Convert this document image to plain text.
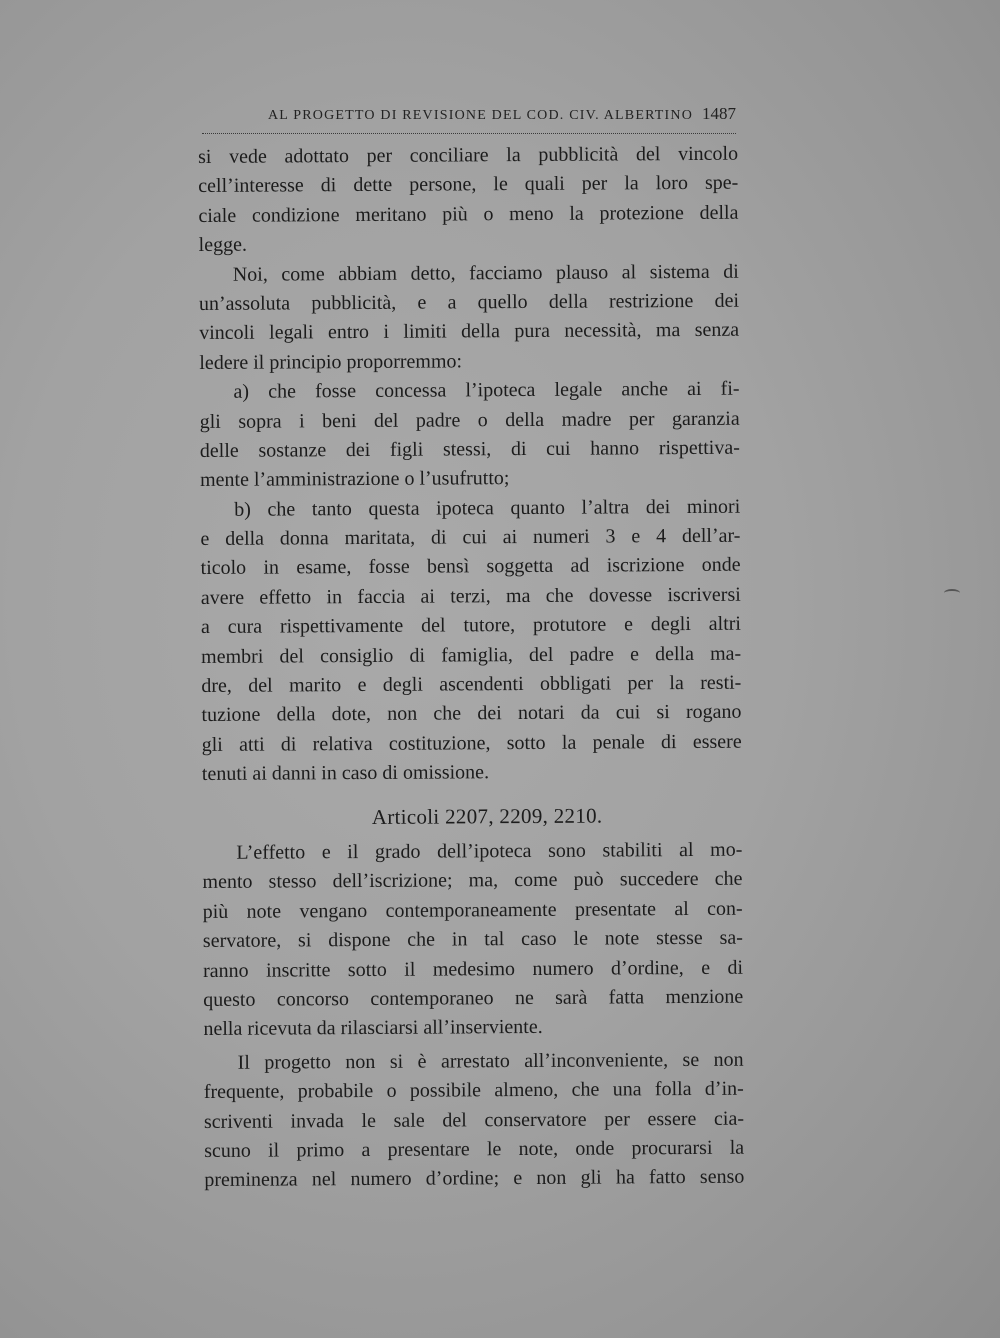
AL PROGETTO DI REVISIONE DEL COD. CIV. ALBERTINO 1487
si vede adottato per conciliare la pubblicità del vincolo
cell’interesse di dette persone, le quali per la loro spe-
ciale condizione meritano più o meno la protezione della
legge.
Noi, come abbiam detto, facciamo plauso al sistema di
un’assoluta pubblicità, e a quello della restrizione dei
vincoli legali entro i limiti della pura necessità, ma senza
ledere il principio proporremmo:
a) che fosse concessa l’ipoteca legale anche ai fi-
gli sopra i beni del padre o della madre per garanzia
delle sostanze dei figli stessi, di cui hanno rispettiva-
mente l’amministrazione o l’usufrutto;
b) che tanto questa ipoteca quanto l’altra dei minori
e della donna maritata, di cui ai numeri 3 e 4 dell’ar-
ticolo in esame, fosse bensì soggetta ad iscrizione onde
avere effetto in faccia ai terzi, ma che dovesse iscriversi
a cura rispettivamente del tutore, protutore e degli altri
membri del consiglio di famiglia, del padre e della ma-
dre, del marito e degli ascendenti obbligati per la resti-
tuzione della dote, non che dei notari da cui si rogano
gli atti di relativa costituzione, sotto la penale di essere
tenuti ai danni in caso di omissione.
Articoli 2207, 2209, 2210.
L’effetto e il grado dell’ipoteca sono stabiliti al mo-
mento stesso dell’iscrizione; ma, come può succedere che
più note vengano contemporaneamente presentate al con-
servatore, si dispone che in tal caso le note stesse sa-
ranno inscritte sotto il medesimo numero d’ordine, e di
questo concorso contemporaneo ne sarà fatta menzione
nella ricevuta da rilasciarsi all’inserviente.
Il progetto non si è arrestato all’inconveniente, se non
frequente, probabile o possibile almeno, che una folla d’in-
scriventi invada le sale del conservatore per essere cia-
scuno il primo a presentare le note, onde procurarsi la
preminenza nel numero d’ordine; e non gli ha fatto senso
